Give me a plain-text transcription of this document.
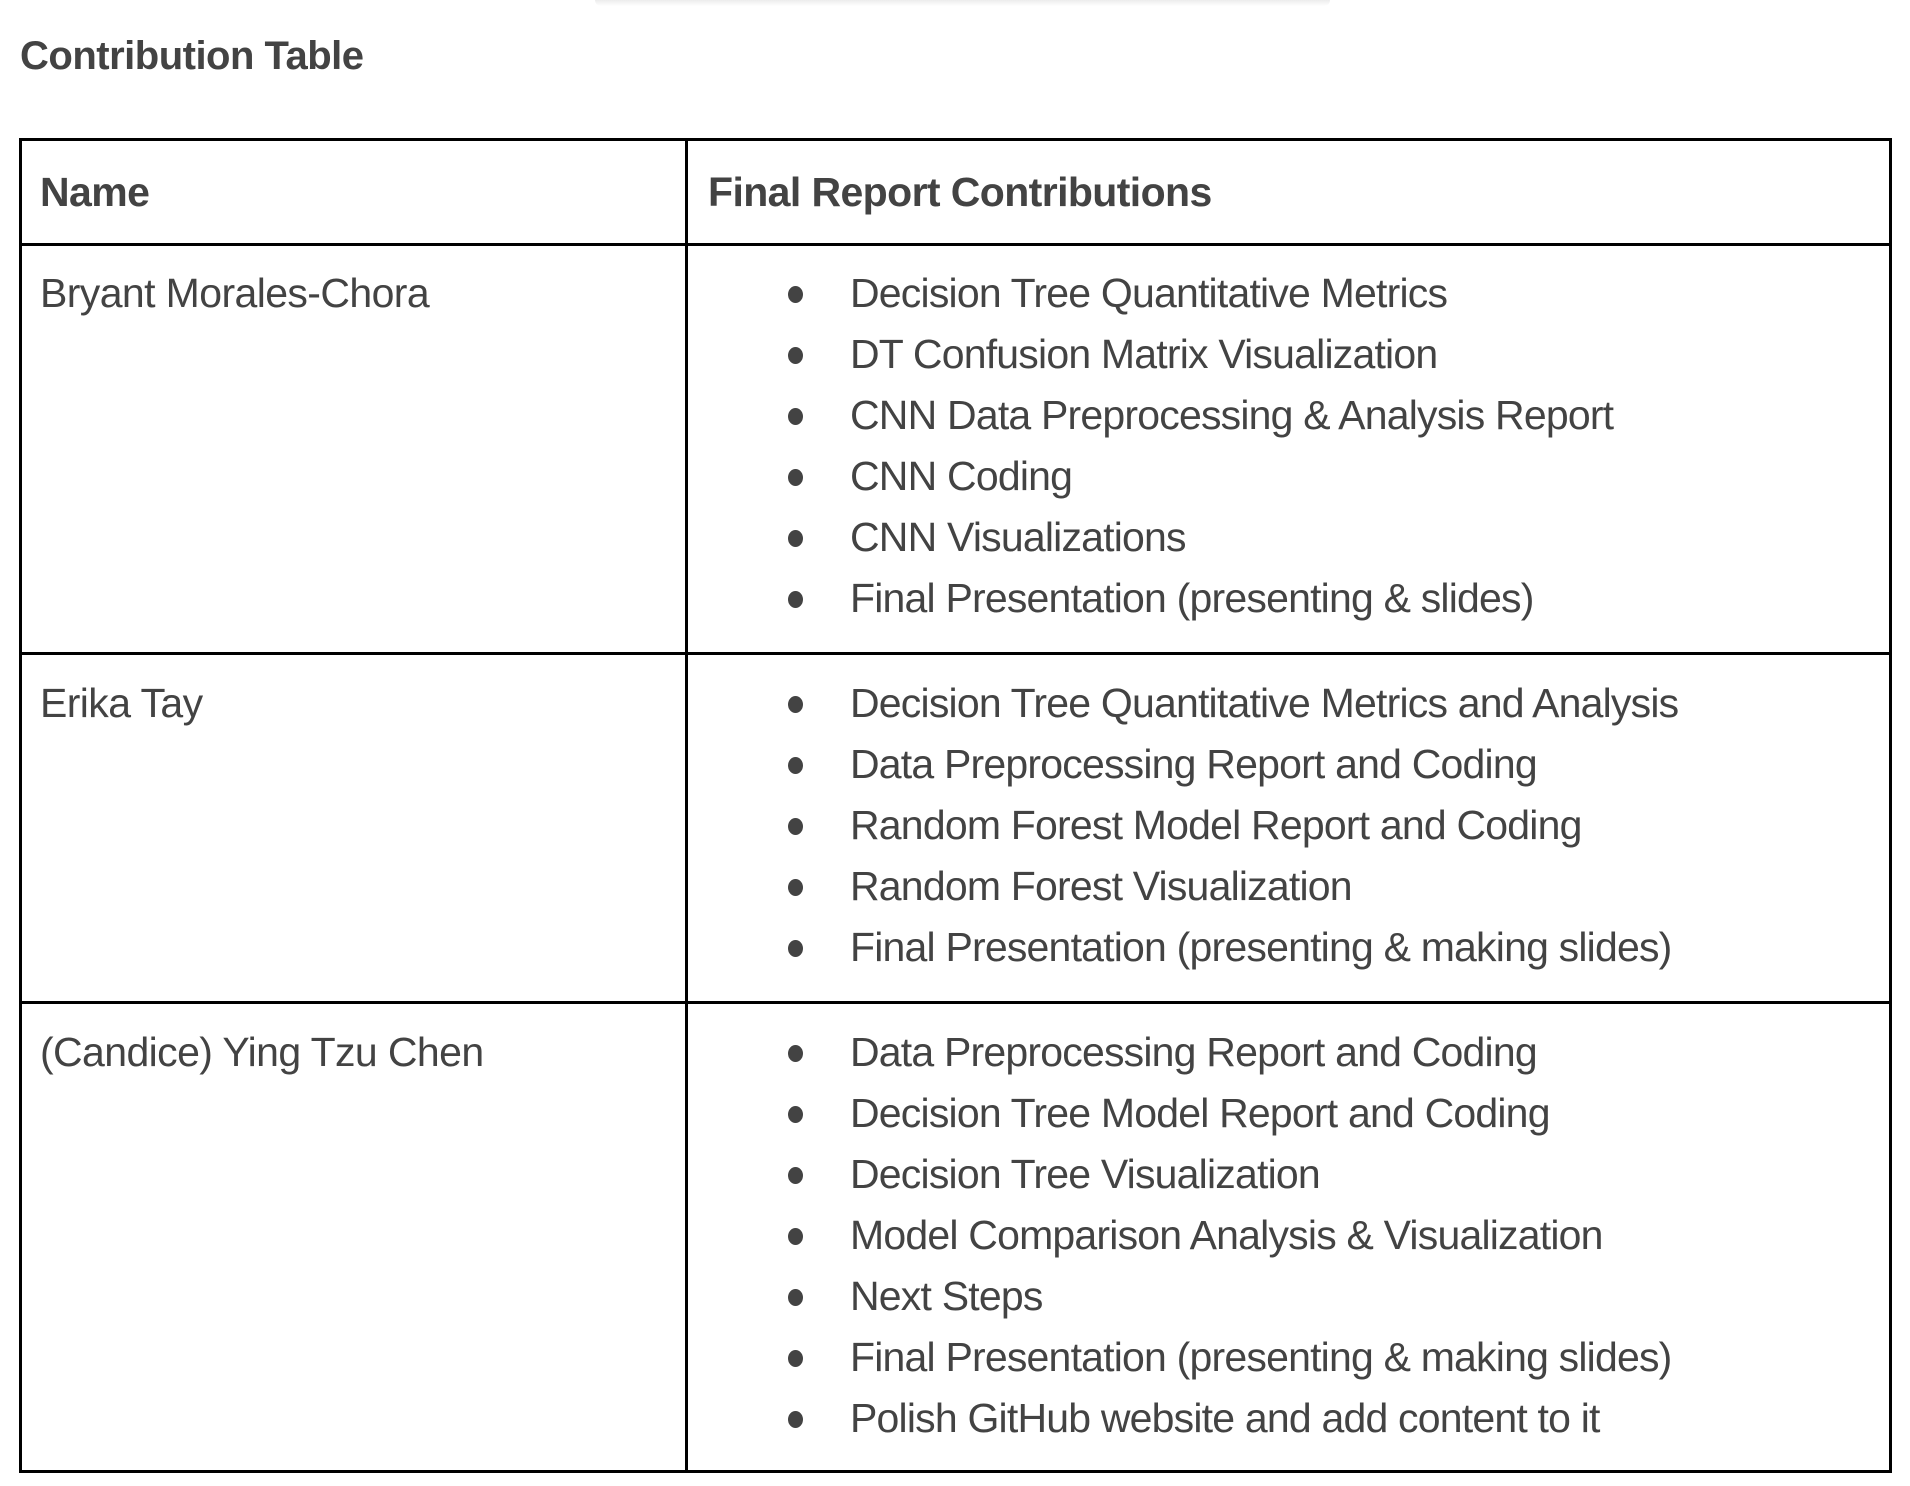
Contribution Table
Name	Final Report Contributions
Bryant Morales-Chora	Decision Tree Quantitative Metrics
DT Confusion Matrix Visualization
CNN Data Preprocessing & Analysis Report
CNN Coding
CNN Visualizations
Final Presentation (presenting & slides)
Erika Tay	Decision Tree Quantitative Metrics and Analysis
Data Preprocessing Report and Coding
Random Forest Model Report and Coding
Random Forest Visualization
Final Presentation (presenting & making slides)
(Candice) Ying Tzu Chen	Data Preprocessing Report and Coding
Decision Tree Model Report and Coding
Decision Tree Visualization
Model Comparison Analysis & Visualization
Next Steps
Final Presentation (presenting & making slides)
Polish GitHub website and add content to it
